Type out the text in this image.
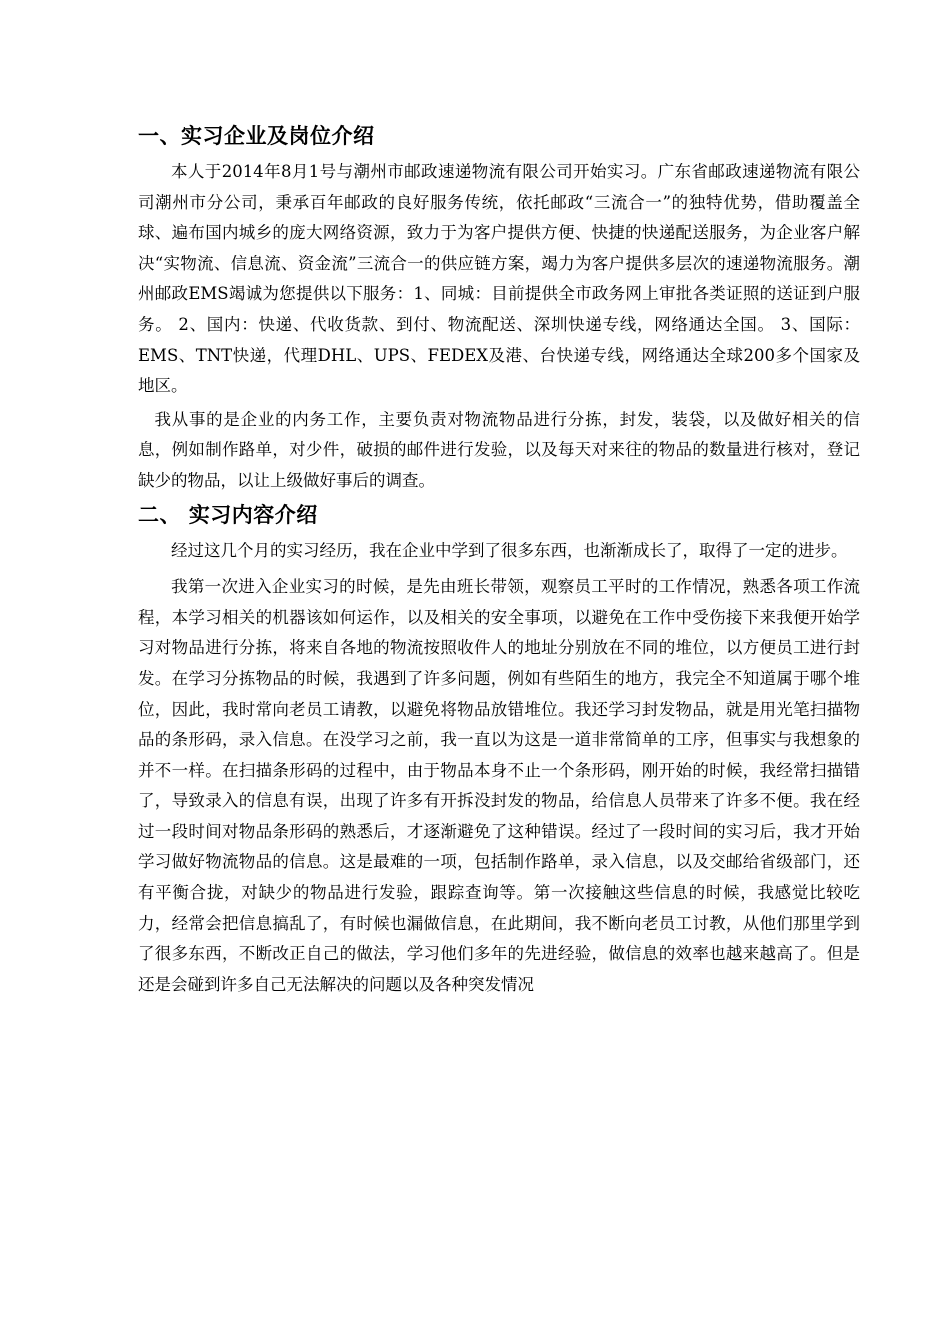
一、实习企业及岗位介绍

本人于2014年8月1号与潮州市邮政速递物流有限公司开始实习。广东省邮政速递物流有限公司潮州市分公司，秉承百年邮政的良好服务传统，依托邮政“三流合一”的独特优势，借助覆盖全球、遍布国内城乡的庞大网络资源，致力于为客户提供方便、快捷的快递配送服务，为企业客户解决“实物流、信息流、资金流”三流合一的供应链方案，竭力为客户提供多层次的速递物流服务。潮州邮政EMS竭诚为您提供以下服务：1、同城：目前提供全市政务网上审批各类证照的送证到户服务。 2、国内：快递、代收货款、到付、物流配送、深圳快递专线，网络通达全国。 3、国际：EMS、TNT快递，代理DHL、UPS、FEDEX及港、台快递专线，网络通达全球200多个国家及地区。

我从事的是企业的内务工作，主要负责对物流物品进行分拣，封发，装袋，以及做好相关的信息，例如制作路单，对少件，破损的邮件进行发验，以及每天对来往的物品的数量进行核对，登记缺少的物品，以让上级做好事后的调查。

二、 实习内容介绍

经过这几个月的实习经历，我在企业中学到了很多东西，也渐渐成长了，取得了一定的进步。

我第一次进入企业实习的时候，是先由班长带领，观察员工平时的工作情况，熟悉各项工作流程，本学习相关的机器该如何运作，以及相关的安全事项，以避免在工作中受伤接下来我便开始学习对物品进行分拣，将来自各地的物流按照收件人的地址分别放在不同的堆位，以方便员工进行封发。在学习分拣物品的时候，我遇到了许多问题，例如有些陌生的地方，我完全不知道属于哪个堆位，因此，我时常向老员工请教，以避免将物品放错堆位。我还学习封发物品，就是用光笔扫描物品的条形码，录入信息。在没学习之前，我一直以为这是一道非常简单的工序，但事实与我想象的并不一样。在扫描条形码的过程中，由于物品本身不止一个条形码，刚开始的时候，我经常扫描错了，导致录入的信息有误，出现了许多有开拆没封发的物品，给信息人员带来了许多不便。我在经过一段时间对物品条形码的熟悉后，才逐渐避免了这种错误。经过了一段时间的实习后，我才开始学习做好物流物品的信息。这是最难的一项，包括制作路单，录入信息，以及交邮给省级部门，还有平衡合拢，对缺少的物品进行发验，跟踪查询等。第一次接触这些信息的时候，我感觉比较吃力，经常会把信息搞乱了，有时候也漏做信息，在此期间，我不断向老员工讨教，从他们那里学到了很多东西，不断改正自己的做法，学习他们多年的先进经验，做信息的效率也越来越高了。但是还是会碰到许多自己无法解决的问题以及各种突发情况
